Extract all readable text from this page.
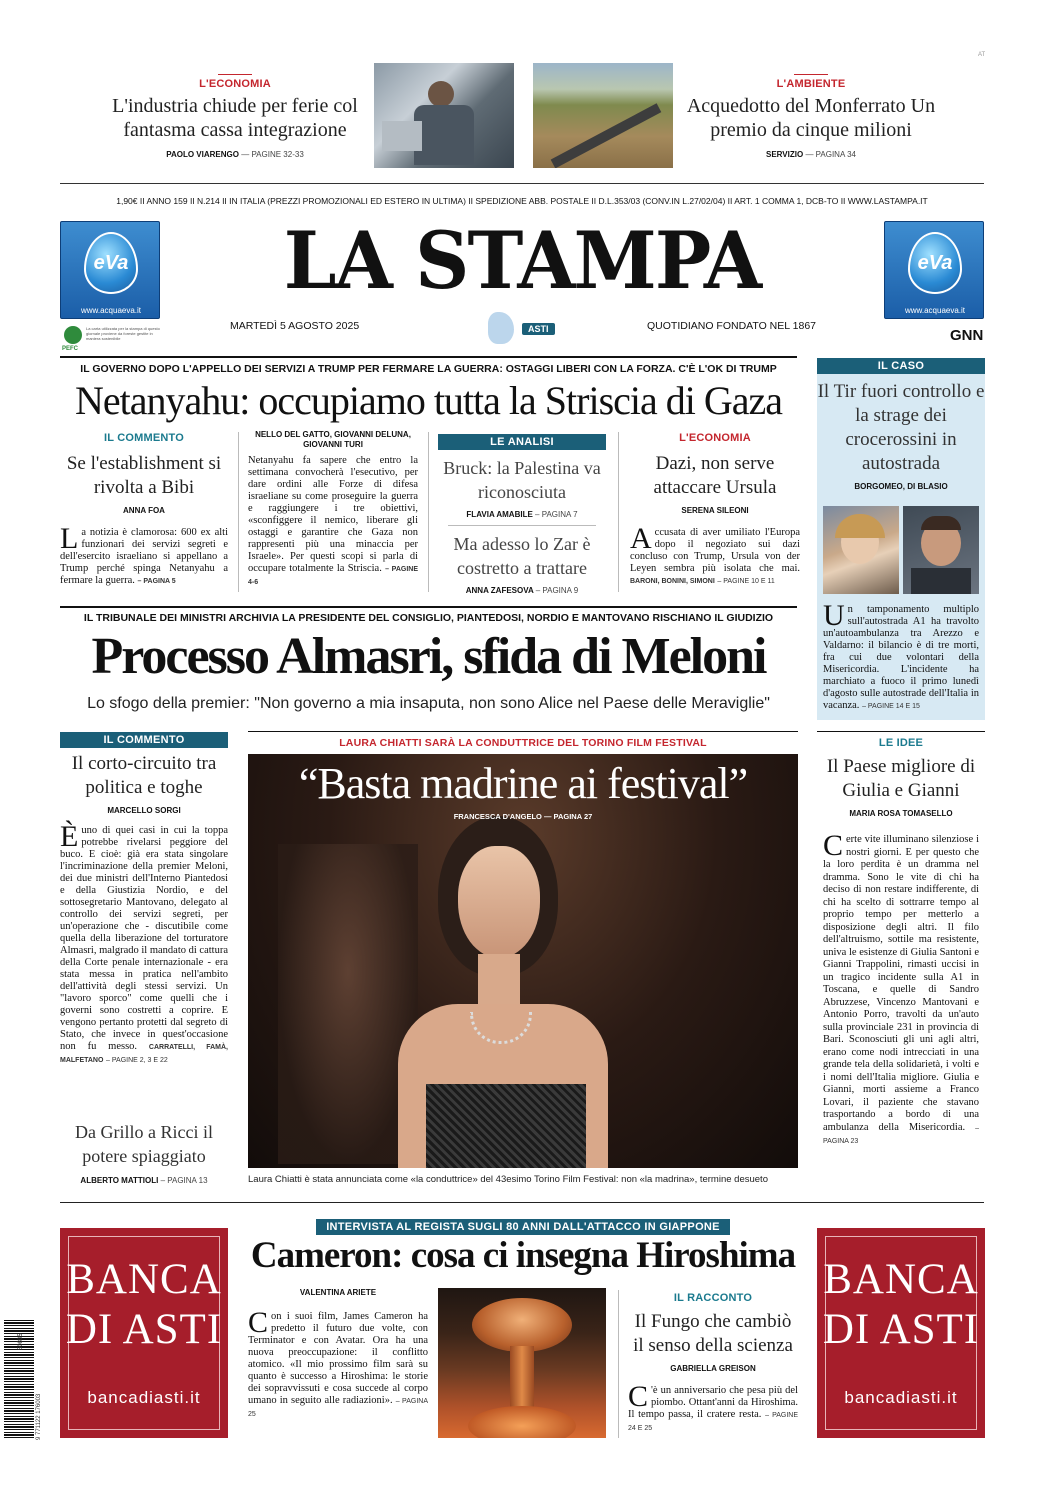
AT
L'ECONOMIA
L'industria chiude per ferie col fantasma cassa integrazione
PAOLO VIARENGO — PAGINE 32-33
L'AMBIENTE
Acquedotto del Monferrato Un premio da cinque milioni
SERVIZIO — PAGINA 34
1,90€ II ANNO 159 II N.214 II IN ITALIA (PREZZI PROMOZIONALI ED ESTERO IN ULTIMA) II SPEDIZIONE ABB. POSTALE II D.L.353/03 (CONV.IN L.27/02/04) II ART. 1 COMMA 1, DCB-TO II WWW.LASTAMPA.IT
eVa
www.acquaeva.it
PEFC
La carta utilizzata per la stampa di questo giornale proviene da foreste gestite in maniera sostenibile
LA STAMPA
MARTEDÌ 5 AGOSTO 2025	ASTI	QUOTIDIANO FONDATO NEL 1867
eVa
www.acquaeva.it
GNN
IL GOVERNO DOPO L'APPELLO DEI SERVIZI A TRUMP PER FERMARE LA GUERRA: OSTAGGI LIBERI CON LA FORZA. C'È L'OK DI TRUMP
Netanyahu: occupiamo tutta la Striscia di Gaza
IL COMMENTO
Se l'establishment si rivolta a Bibi
ANNA FOA
La notizia è clamorosa: 600 ex alti funzionari dei servizi segreti e dell'esercito israeliano si appellano a Trump perché spinga Netanyahu a fermare la guerra. – PAGINA 5
NELLO DEL GATTO, GIOVANNI DELUNA, GIOVANNI TURI
Netanyahu fa sapere che entro la settimana convocherà l'esecutivo, per dare ordini alle Forze di difesa israeliane su come proseguire la guerra e raggiungere i tre obiettivi, «sconfiggere il nemico, liberare gli ostaggi e garantire che Gaza non rappresenti più una minaccia per Israele». Per questi scopi si parla di occupare totalmente la Striscia. – PAGINE 4-6
LE ANALISI
Bruck: la Palestina va riconosciuta
FLAVIA AMABILE – PAGINA 7
Ma adesso lo Zar è costretto a trattare
ANNA ZAFESOVA – PAGINA 9
L'ECONOMIA
Dazi, non serve attaccare Ursula
SERENA SILEONI
Accusata di aver umiliato l'Europa dopo il negoziato sui dazi concluso con Trump, Ursula von der Leyen sembra più isolata che mai. BARONI, BONINI, SIMONI – PAGINE 10 E 11
IL CASO
Il Tir fuori controllo e la strage dei crocerossini in autostrada
BORGOMEO, DI BLASIO
Un tamponamento multiplo sull'autostrada A1 ha travolto un'autoambulanza tra Arezzo e Valdarno: il bilancio è di tre morti, fra cui due volontari della Misericordia. L'incidente ha marchiato a fuoco il primo lunedì d'agosto sulle autostrade dell'Italia in vacanza. – PAGINE 14 E 15
IL TRIBUNALE DEI MINISTRI ARCHIVIA LA PRESIDENTE DEL CONSIGLIO, PIANTEDOSI, NORDIO E MANTOVANO RISCHIANO IL GIUDIZIO
Processo Almasri, sfida di Meloni
Lo sfogo della premier: "Non governo a mia insaputa, non sono Alice nel Paese delle Meraviglie"
IL COMMENTO
Il corto-circuito tra politica e toghe
MARCELLO SORGI
Èuno di quei casi in cui la toppa potrebbe rivelarsi peggiore del buco. E cioè: già era stata singolare l'incriminazione della premier Meloni, dei due ministri dell'Interno Piantedosi e della Giustizia Nordio, e del sottosegretario Mantovano, delegato al controllo dei servizi segreti, per un'operazione che - discutibile come quella della liberazione del torturatore Almasri, malgrado il mandato di cattura della Corte penale internazionale - era stata messa in pratica nell'ambito dell'attività degli stessi servizi. Un "lavoro sporco" come quelli che i governi sono costretti a coprire. E vengono pertanto protetti dal segreto di Stato, che invece in quest'occasione non fu messo. CARRATELLI, FAMÀ, MALFETANO – PAGINE 2, 3 E 22
Da Grillo a Ricci il potere spiaggiato
ALBERTO MATTIOLI – PAGINA 13
LAURA CHIATTI SARÀ LA CONDUTTRICE DEL TORINO FILM FESTIVAL
“Basta madrine ai festival”
FRANCESCA D'ANGELO — PAGINA 27
Laura Chiatti è stata annunciata come «la conduttrice» del 43esimo Torino Film Festival: non «la madrina», termine desueto
LE IDEE
Il Paese migliore di Giulia e Gianni
MARIA ROSA TOMASELLO
Certe vite illuminano silenziose i nostri giorni. E per questo che la loro perdita è un dramma nel dramma. Sono le vite di chi ha deciso di non restare indifferente, di chi ha scelto di sottrarre tempo al proprio tempo per metterlo a disposizione degli altri. Il filo dell'altruismo, sottile ma resistente, univa le esistenze di Giulia Santoni e Gianni Trappolini, rimasti uccisi in un tragico incidente sulla A1 in Toscana, e quelle di Sandro Abruzzese, Vincenzo Mantovani e Antonio Porro, travolti da un'auto sulla provinciale 231 in provincia di Bari. Sconosciuti gli uni agli altri, erano come nodi intrecciati in una grande tela della solidarietà, i volti e i nomi dell'Italia migliore. Giulia e Gianni, morti assieme a Franco Lovari, il paziente che stavano trasportando a bordo di una ambulanza della Misericordia. – PAGINA 23
BANCA
DI ASTI
bancadiasti.it
BANCA
DI ASTI
bancadiasti.it
9 771122 176003
50805
INTERVISTA AL REGISTA SUGLI 80 ANNI DALL'ATTACCO IN GIAPPONE
Cameron: cosa ci insegna Hiroshima
VALENTINA ARIETE
Con i suoi film, James Cameron ha predetto il futuro due volte, con Terminator e con Avatar. Ora ha una nuova preoccupazione: il conflitto atomico. «Il mio prossimo film sarà su quanto è successo a Hiroshima: le storie dei sopravvissuti e cosa succede al corpo umano in seguito alle radiazioni». – PAGINA 25
IL RACCONTO
Il Fungo che cambiò il senso della scienza
GABRIELLA GREISON
C 'è un anniversario che pesa più del piombo. Ottant'anni da Hiroshima. Il tempo passa, il cratere resta. – PAGINE 24 E 25
